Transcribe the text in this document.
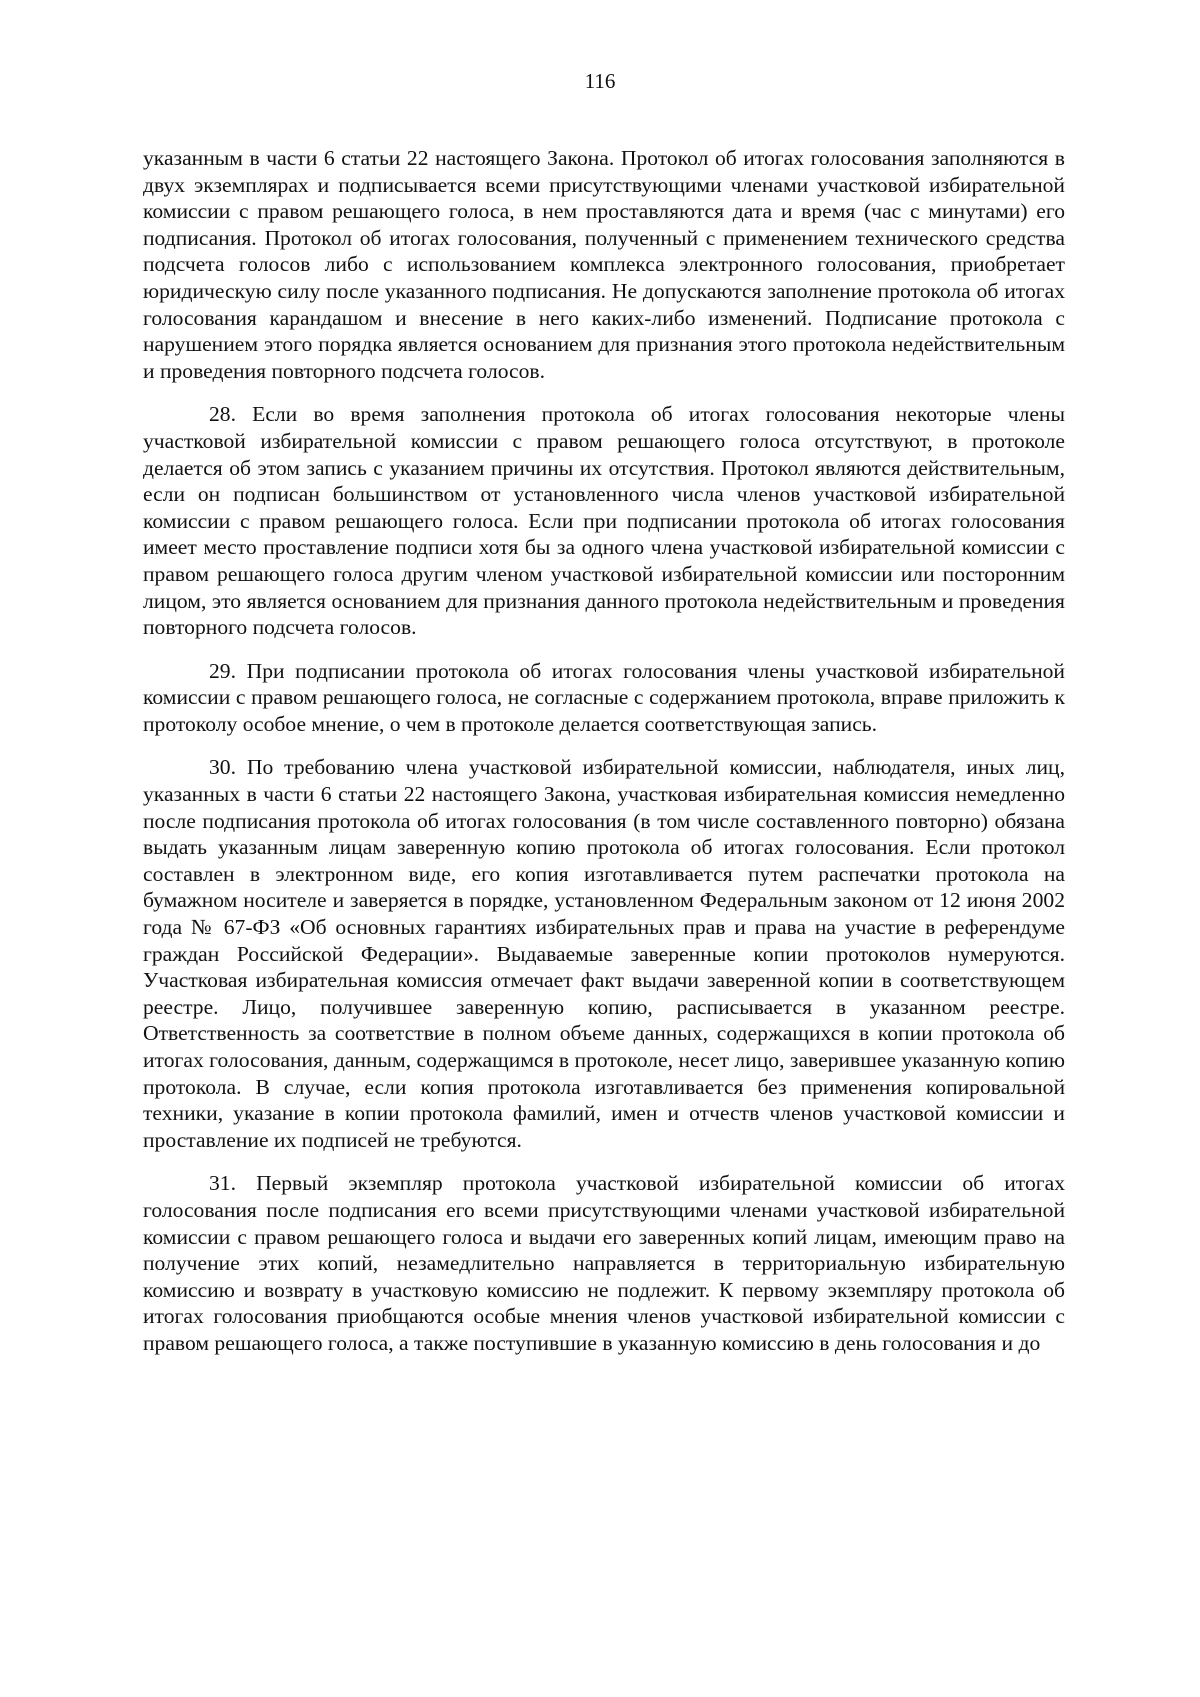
116

указанным в части 6 статьи 22 настоящего Закона. Протокол об итогах голосования заполняются в двух экземплярах и подписывается всеми присутствующими членами участковой избирательной комиссии с правом решающего голоса, в нем проставляются дата и время (час с минутами) его подписания. Протокол об итогах голосования, полученный с применением технического средства подсчета голосов либо с использованием комплекса электронного голосования, приобретает юридическую силу после указанного подписания. Не допускаются заполнение протокола об итогах голосования карандашом и внесение в него каких-либо изменений. Подписание протокола с нарушением этого порядка является основанием для признания этого протокола недействительным и проведения повторного подсчета голосов.

28. Если во время заполнения протокола об итогах голосования некоторые члены участковой избирательной комиссии с правом решающего голоса отсутствуют, в протоколе делается об этом запись с указанием причины их отсутствия. Протокол являются действительным, если он подписан большинством от установленного числа членов участковой избирательной комиссии с правом решающего голоса. Если при подписании протокола об итогах голосования имеет место проставление подписи хотя бы за одного члена участковой избирательной комиссии с правом решающего голоса другим членом участковой избирательной комиссии или посторонним лицом, это является основанием для признания данного протокола недействительным и проведения повторного подсчета голосов.

29. При подписании протокола об итогах голосования члены участковой избирательной комиссии с правом решающего голоса, не согласные с содержанием протокола, вправе приложить к протоколу особое мнение, о чем в протоколе делается соответствующая запись.

30. По требованию члена участковой избирательной комиссии, наблюдателя, иных лиц, указанных в части 6 статьи 22 настоящего Закона, участковая избирательная комиссия немедленно после подписания протокола об итогах голосования (в том числе составленного повторно) обязана выдать указанным лицам заверенную копию протокола об итогах голосования. Если протокол составлен в электронном виде, его копия изготавливается путем распечатки протокола на бумажном носителе и заверяется в порядке, установленном Федеральным законом от 12 июня 2002 года № 67-ФЗ «Об основных гарантиях избирательных прав и права на участие в референдуме граждан Российской Федерации». Выдаваемые заверенные копии протоколов нумеруются. Участковая избирательная комиссия отмечает факт выдачи заверенной копии в соответствующем реестре. Лицо, получившее заверенную копию, расписывается в указанном реестре. Ответственность за соответствие в полном объеме данных, содержащихся в копии протокола об итогах голосования, данным, содержащимся в протоколе, несет лицо, заверившее указанную копию протокола. В случае, если копия протокола изготавливается без применения копировальной техники, указание в копии протокола фамилий, имен и отчеств членов участковой комиссии и проставление их подписей не требуются.

31. Первый экземпляр протокола участковой избирательной комиссии об итогах голосования после подписания его всеми присутствующими членами участковой избирательной комиссии с правом решающего голоса и выдачи его заверенных копий лицам, имеющим право на получение этих копий, незамедлительно направляется в территориальную избирательную комиссию и возврату в участковую комиссию не подлежит. К первому экземпляру протокола об итогах голосования приобщаются особые мнения членов участковой избирательной комиссии с правом решающего голоса, а также поступившие в указанную комиссию в день голосования и до
